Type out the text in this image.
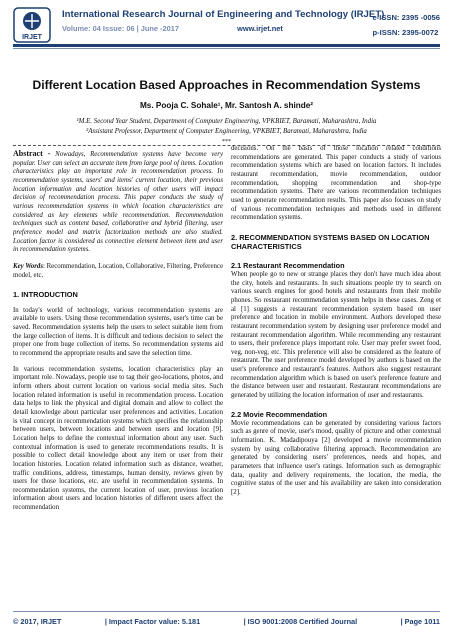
IRJET
International Research Journal of Engineering and Technology (IRJET)
Volume: 04 Issue: 06 | June -2017	www.irjet.net
e-ISSN: 2395 -0056
p-ISSN: 2395-0072
Different Location Based Approaches in Recommendation Systems
Ms. Pooja C. Sohale¹, Mr. Santosh A. shinde²
¹M.E. Second Year Student, Department of Computer Engineering, VPKBIET, Baramati, Maharashtra, India
²Assistant Professor, Department of Computer Engineering, VPKBIET, Baramati, Maharashtra, India
***

Abstract - Nowadays, Recommendation systems have become very popular. User can select an accurate item from large pool of items. Location characteristics play an important role in recommendation process. In recommendation systems, users' and items' current location, their previous location information and location histories of other users will impact decision of recommendation process. This paper conducts the study of various recommendation systems in which location characteristics are considered as key elements while recommendation. Recommendation techniques such as content based, collaborative and hybrid filtering, user preference model and matrix factorization methods are also studied. Location factor is considered as connective element between item and user in recommendation systems.

Key Words: Recommendation, Location, Collaborative, Filtering, Preference model, etc.

1. INTRODUCTION

In today's world of technology, various recommendation systems are available to users. Using those recommendation systems, user's time can be saved. Recommendation systems help the users to select suitable item from the large collection of items. It is difficult and tedious decision to select the proper one from huge collection of items. So recommendation systems aid to recommend the appropriate results and save the selection time.

In various recommendation systems, location characteristics play an important role. Nowadays, people use to tag their geo-locations, photos, and inform others about current location on various social media sites. Such location related information is useful in recommendation process. Location data helps to link the physical and digital domain and allow to collect the detail knowledge about particular user preferences and activities. Location is vital concept in recommendation systems which specifies the relationship between users, between locations and between users and location [9]. Location helps to define the contextual information about any user. Such contextual information is used to generate recommendations results. It is possible to collect detail knowledge about any item or user from their location histories. Location related information such as distance, weather, traffic conditions, address, timestamps, human density, reviews given by users for those locations, etc. are useful in recommendation systems. In recommendation systems, the current location of user, previous location information about users and location histories of different users affect the recommendation

decisions. On the basis of those location related conditions recommendations are generated. This paper conducts a study of various recommendation systems which are based on location factors. It includes restaurant recommendation, movie recommendation, outdoor recommendation, shopping recommendation and shop-type recommendation systems. There are various recommendation techniques used to generate recommendation results. This paper also focuses on study of various recommendation techniques and methods used in different recommendation systems.

2. RECOMMENDATION SYSTEMS BASED ON LOCATION CHARACTERISTICS

2.1 Restaurant Recommendation

When people go to new or strange places they don't have much idea about the city, hotels and restaurants. In such situations people try to search on various search engines for good hotels and restaurants from their mobile phones. So restaurant recommendation system helps in these cases. Zeng et al [1] suggests a restaurant recommendation system based on user preference and location in mobile environment. Authors developed these restaurant recommendation system by designing user preference model and restaurant recommendation algorithm. While recommending any restaurant to users, their preference plays important role. User may prefer sweet food, veg, non-veg, etc. This preference will also be considered as the feature of restaurant. The user preference model developed by authors is based on the user's preference and restaurant's features. Authors also suggest restaurant recommendation algorithm which is based on user's preference feature and the distance between user and restaurant. Restaurant recommendations are generated by utilizing the location information of user and restaurants.

2.2 Movie Recommendation

Movie recommendations can be generated by considering various factors such as genre of movie, user's mood, quality of picture and other contextual information. K. Madadipouya [2] developed a movie recommendation system by using collaborative filtering approach. Recommendation are generated by considering users' preferences, needs and hopes, and parameters that influence user's ratings. Information such as demographic data, quality and delivery requirements, the location, the media, the cognitive status of the user and his availability are taken into consideration [2].

© 2017, IRJET	| Impact Factor value: 5.181	| ISO 9001:2008 Certified Journal	| Page 1011
